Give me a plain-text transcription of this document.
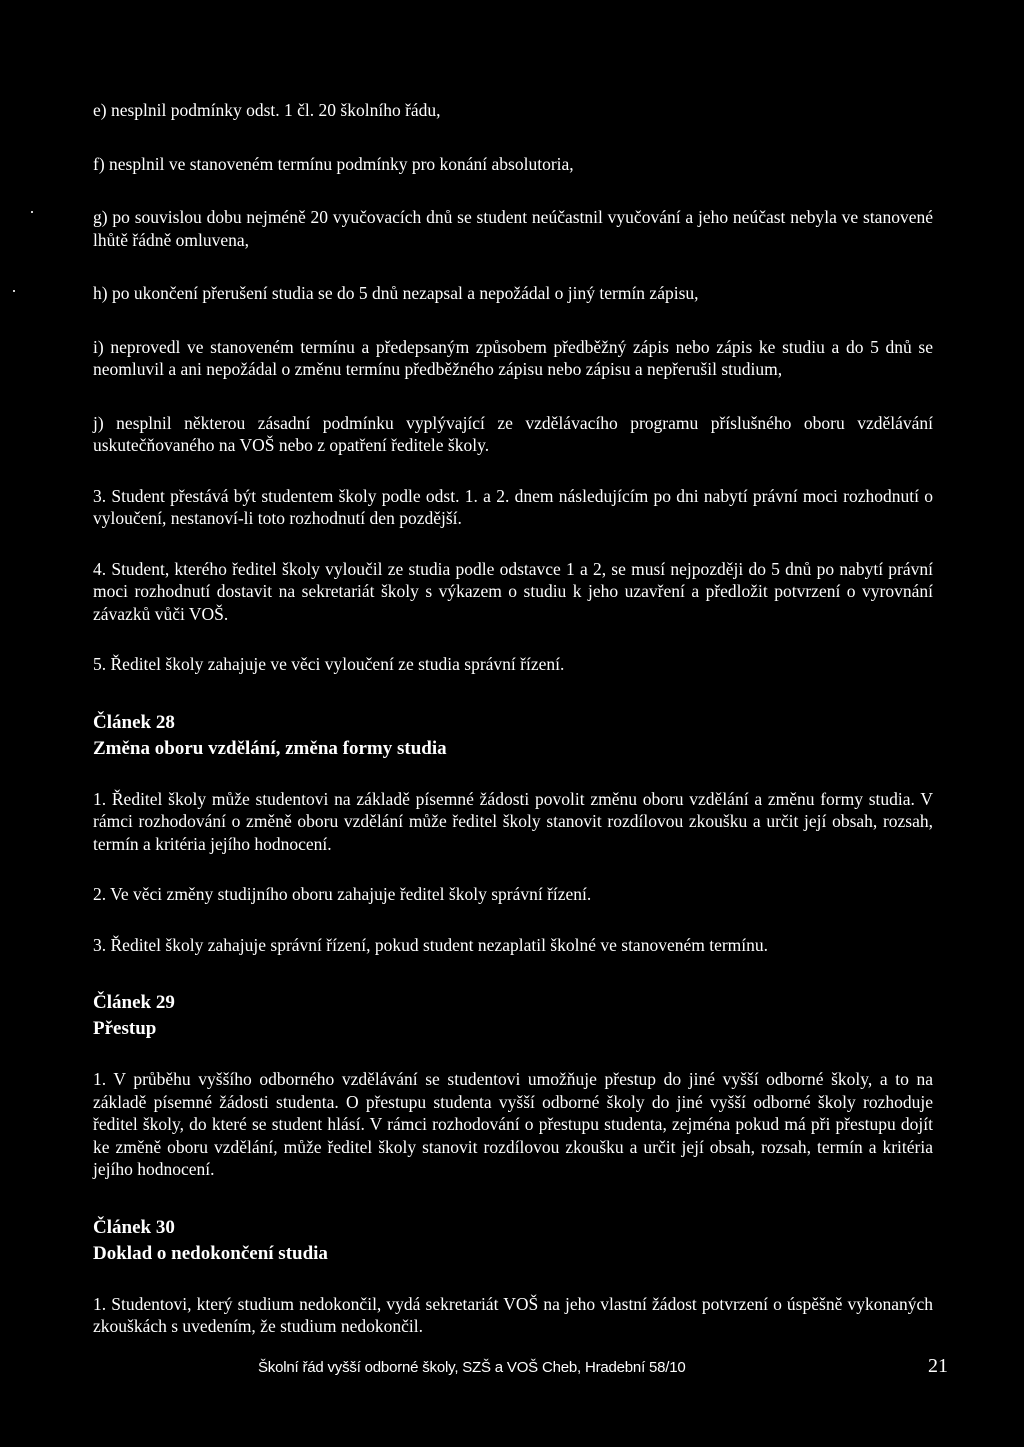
e) nesplnil podmínky odst. 1 čl. 20 školního řádu,

f) nesplnil ve stanoveném termínu podmínky pro konání absolutoria,

g) po souvislou dobu nejméně 20 vyučovacích dnů se student neúčastnil vyučování a jeho neúčast nebyla ve stanovené lhůtě řádně omluvena,

h) po ukončení přerušení studia se do 5 dnů nezapsal a nepožádal o jiný termín zápisu,

i) neprovedl ve stanoveném termínu a předepsaným způsobem předběžný zápis nebo zápis ke studiu a do 5 dnů se neomluvil a ani nepožádal o změnu termínu předběžného zápisu nebo zápisu a nepřerušil studium,

j) nesplnil některou zásadní podmínku vyplývající ze vzdělávacího programu příslušného oboru vzdělávání uskutečňovaného na VOŠ nebo z opatření ředitele školy.

3. Student přestává být studentem školy podle odst. 1. a 2. dnem následujícím po dni nabytí právní moci rozhodnutí o vyloučení, nestanoví-li toto rozhodnutí den pozdější.

4. Student, kterého ředitel školy vyloučil ze studia podle odstavce 1 a 2, se musí nejpozději do 5 dnů po nabytí právní moci rozhodnutí dostavit na sekretariát školy s výkazem o studiu k jeho uzavření a předložit potvrzení o vyrovnání závazků vůči VOŠ.

5. Ředitel školy zahajuje ve věci vyloučení ze studia správní řízení.

Článek 28

Změna oboru vzdělání, změna formy studia

1. Ředitel školy může studentovi na základě písemné žádosti povolit změnu oboru vzdělání a změnu formy studia. V rámci rozhodování o změně oboru vzdělání může ředitel školy stanovit rozdílovou zkoušku a určit její obsah, rozsah, termín a kritéria jejího hodnocení.

2. Ve věci změny studijního oboru zahajuje ředitel školy správní řízení.

3. Ředitel školy zahajuje správní řízení, pokud student nezaplatil školné ve stanoveném termínu.

Článek 29

Přestup

1. V průběhu vyššího odborného vzdělávání se studentovi umožňuje přestup do jiné vyšší odborné školy, a to na základě písemné žádosti studenta. O přestupu studenta vyšší odborné školy do jiné vyšší odborné školy rozhoduje ředitel školy, do které se student hlásí. V rámci rozhodování o přestupu studenta, zejména pokud má při přestupu dojít ke změně oboru vzdělání, může ředitel školy stanovit rozdílovou zkoušku a určit její obsah, rozsah, termín a kritéria jejího hodnocení.

Článek 30

Doklad o nedokončení studia

1. Studentovi, který studium nedokončil, vydá sekretariát VOŠ na jeho vlastní žádost potvrzení o úspěšně vykonaných zkouškách s uvedením, že studium nedokončil.

Školní řád vyšší odborné školy, SZŠ a VOŠ Cheb, Hradební 58/10	21
